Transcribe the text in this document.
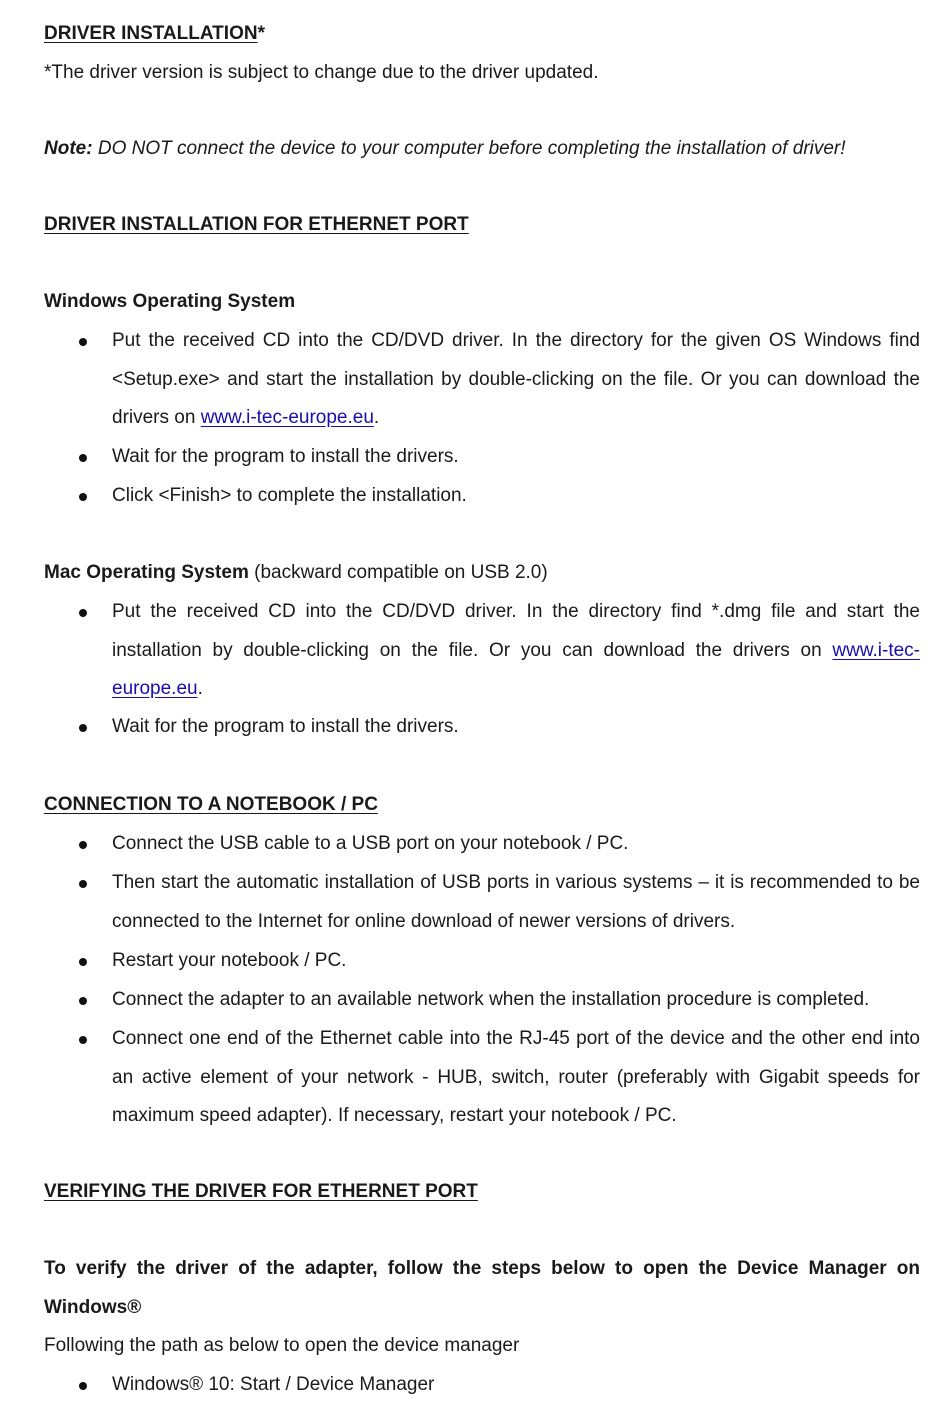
DRIVER INSTALLATION*
*The driver version is subject to change due to the driver updated.
Note: DO NOT connect the device to your computer before completing the installation of driver!
DRIVER INSTALLATION FOR ETHERNET PORT
Windows Operating System
Put the received CD into the CD/DVD driver. In the directory for the given OS Windows find <Setup.exe> and start the installation by double-clicking on the file. Or you can download the drivers on www.i-tec-europe.eu.
Wait for the program to install the drivers.
Click <Finish> to complete the installation.
Mac Operating System (backward compatible on USB 2.0)
Put the received CD into the CD/DVD driver. In the directory find *.dmg file and start the installation by double-clicking on the file. Or you can download the drivers on www.i-tec-europe.eu.
Wait for the program to install the drivers.
CONNECTION TO A NOTEBOOK / PC
Connect the USB cable to a USB port on your notebook / PC.
Then start the automatic installation of USB ports in various systems – it is recommended to be connected to the Internet for online download of newer versions of drivers.
Restart your notebook / PC.
Connect the adapter to an available network when the installation procedure is completed.
Connect one end of the Ethernet cable into the RJ-45 port of the device and the other end into an active element of your network - HUB, switch, router (preferably with Gigabit speeds for maximum speed adapter). If necessary, restart your notebook / PC.
VERIFYING THE DRIVER FOR ETHERNET PORT
To verify the driver of the adapter, follow the steps below to open the Device Manager on Windows®
Following the path as below to open the device manager
Windows® 10: Start / Device Manager
